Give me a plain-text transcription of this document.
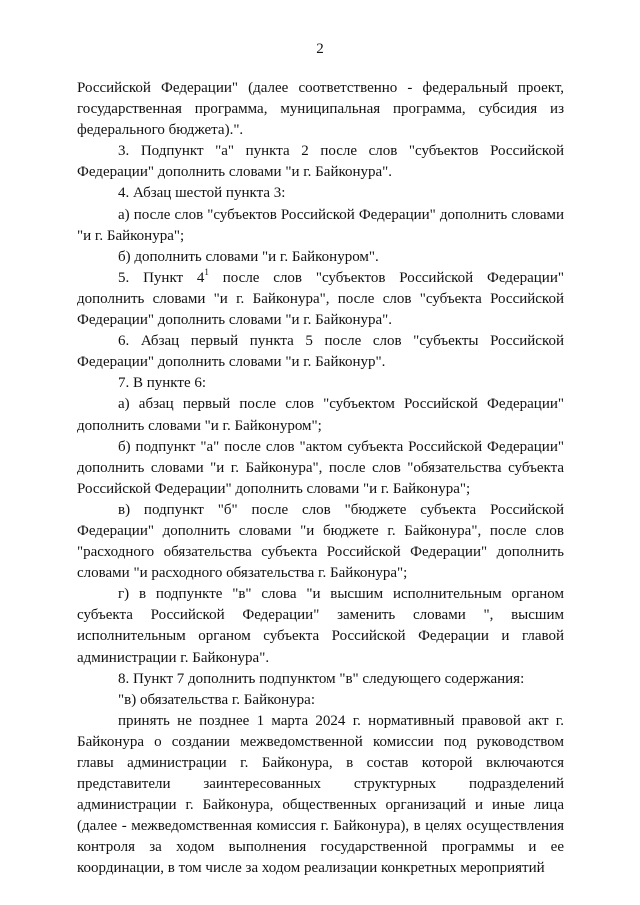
2

Российской Федерации" (далее соответственно - федеральный проект, государственная программа, муниципальная программа, субсидия из федерального бюджета).".

3. Подпункт "а" пункта 2 после слов "субъектов Российской Федерации" дополнить словами "и г. Байконура".

4. Абзац шестой пункта 3:

а) после слов "субъектов Российской Федерации" дополнить словами "и г. Байконура";

б) дополнить словами "и г. Байконуром".

5. Пункт $4^1$ после слов "субъектов Российской Федерации" дополнить словами "и г. Байконура", после слов "субъекта Российской Федерации" дополнить словами "и г. Байконура".

6. Абзац первый пункта 5 после слов "субъекты Российской Федерации" дополнить словами "и г. Байконур".

7. В пункте 6:

а) абзац первый после слов "субъектом Российской Федерации" дополнить словами "и г. Байконуром";

б) подпункт "а" после слов "актом субъекта Российской Федерации" дополнить словами "и г. Байконура", после слов "обязательства субъекта Российской Федерации" дополнить словами "и г. Байконура";

в) подпункт "б" после слов "бюджете субъекта Российской Федерации" дополнить словами "и бюджете г. Байконура", после слов "расходного обязательства субъекта Российской Федерации" дополнить словами "и расходного обязательства г. Байконура";

г) в подпункте "в" слова "и высшим исполнительным органом субъекта Российской Федерации" заменить словами ", высшим исполнительным органом субъекта Российской Федерации и главой администрации г. Байконура".

8. Пункт 7 дополнить подпунктом "в" следующего содержания:

"в) обязательства г. Байконура:

принять не позднее 1 марта 2024 г. нормативный правовой акт г. Байконура о создании межведомственной комиссии под руководством главы администрации г. Байконура, в состав которой включаются представители заинтересованных структурных подразделений администрации г. Байконура, общественных организаций и иные лица (далее - межведомственная комиссия г. Байконура), в целях осуществления контроля за ходом выполнения государственной программы и ее координации, в том числе за ходом реализации конкретных мероприятий
